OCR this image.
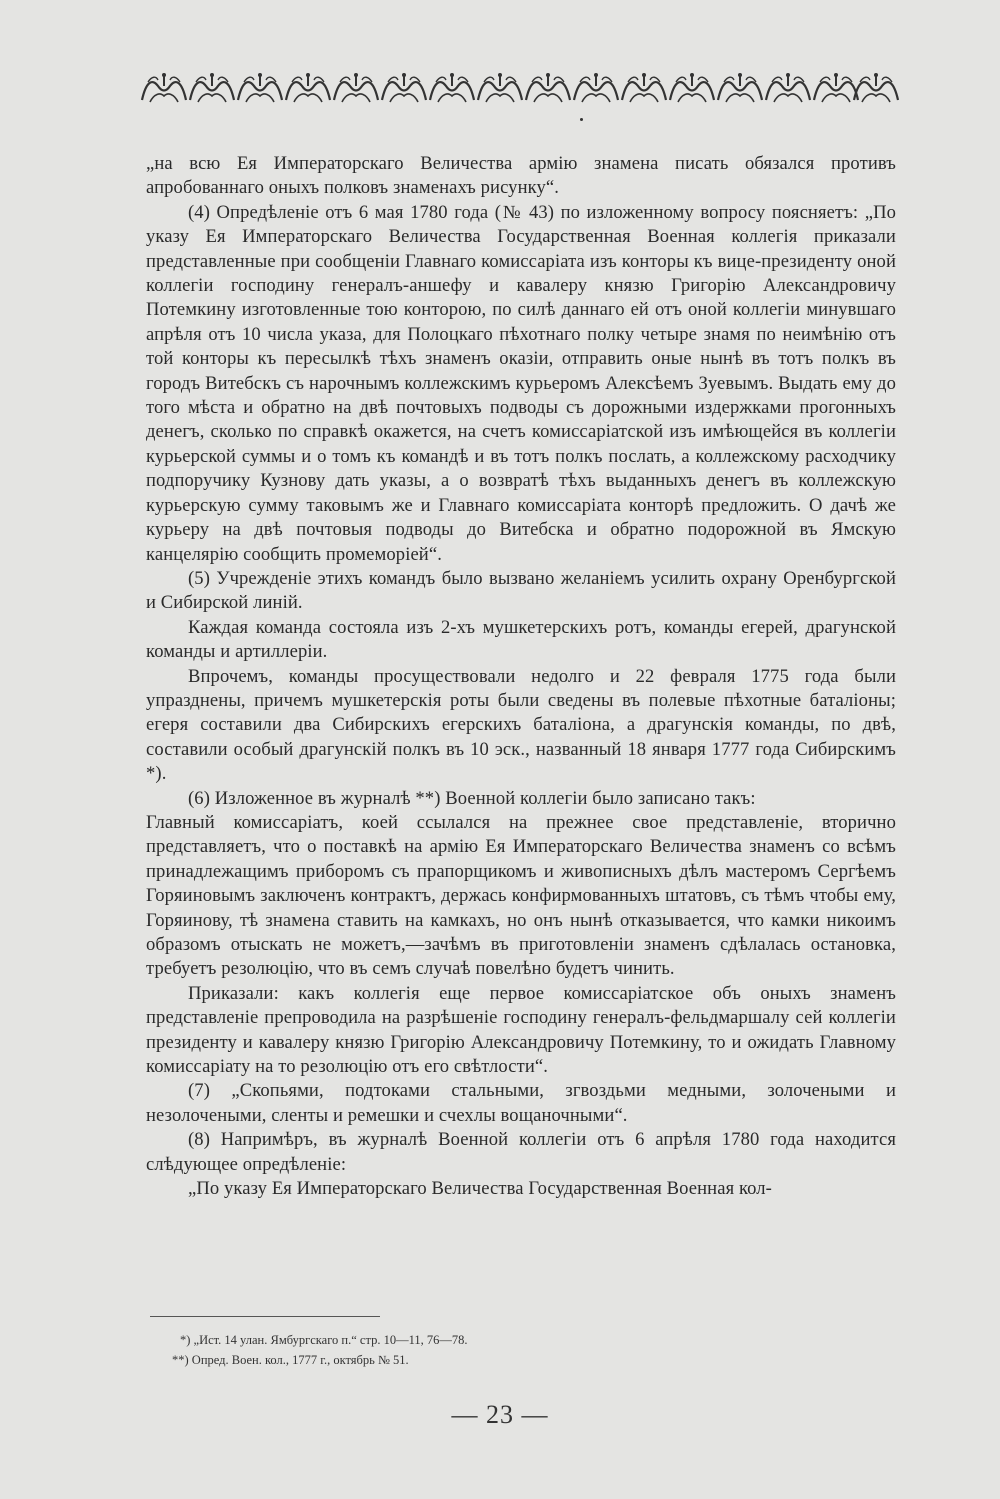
„на всю Ея Императорскаго Величества армію знамена писать обязался противъ апробованнаго оныхъ полковъ знаменахъ рисунку“.

(4) Опредѣленіе отъ 6 мая 1780 года (№ 43) по изложенному вопросу поясняетъ: „По указу Ея Императорскаго Величества Государственная Военная коллегія приказали представленные при сообщеніи Главнаго комиссаріата изъ конторы къ вице-президенту оной коллегіи господину генералъ-аншефу и кавалеру князю Григорію Александровичу Потемкину изготовленные тою конторою, по силѣ даннаго ей отъ оной коллегіи минувшаго апрѣля отъ 10 числа указа, для Полоцкаго пѣхотнаго полку четыре знамя по неимѣнію отъ той конторы къ пересылкѣ тѣхъ знаменъ оказіи, отправить оные нынѣ въ тотъ полкъ въ городъ Витебскъ съ нарочнымъ коллежскимъ курьеромъ Алексѣемъ Зуевымъ. Выдать ему до того мѣста и обратно на двѣ почтовыхъ подводы съ дорожными издержками прогонныхъ денегъ, сколько по справкѣ окажется, на счетъ комиссаріатской изъ имѣющейся въ коллегіи курьерской суммы и о томъ къ командѣ и въ тотъ полкъ послать, а коллежскому расходчику подпоручику Кузнову дать указы, а о возвратѣ тѣхъ выданныхъ денегъ въ коллежскую курьерскую сумму таковымъ же и Главнаго комиссаріата конторѣ предложить. О дачѣ же курьеру на двѣ почтовыя подводы до Витебска и обратно подорожной въ Ямскую канцелярію сообщить промеморіей“.

(5) Учрежденіе этихъ командъ было вызвано желаніемъ усилить охрану Оренбургской и Сибирской линій.

Каждая команда состояла изъ 2-хъ мушкетерскихъ ротъ, команды егерей, драгунской команды и артиллеріи.

Впрочемъ, команды просуществовали недолго и 22 февраля 1775 года были упразднены, причемъ мушкетерскія роты были сведены въ полевые пѣхотные баталіоны; егеря составили два Сибирскихъ егерскихъ баталіона, а драгунскія команды, по двѣ, составили особый драгунскій полкъ въ 10 эск., названный 18 января 1777 года Сибирскимъ *).

(6) Изложенное въ журналѣ **) Военной коллегіи было записано такъ:

Главный комиссаріатъ, коей ссылался на прежнее свое представленіе, вторично представляетъ, что о поставкѣ на армію Ея Императорскаго Величества знаменъ со всѣмъ принадлежащимъ приборомъ съ прапорщикомъ и живописныхъ дѣлъ мастеромъ Сергѣемъ Горяиновымъ заключенъ контрактъ, держась конфирмованныхъ штатовъ, съ тѣмъ чтобы ему, Горяинову, тѣ знамена ставить на камкахъ, но онъ нынѣ отказывается, что камки никоимъ образомъ отыскать не можетъ,—зачѣмъ въ приготовленіи знаменъ сдѣлалась остановка, требуетъ резолюцію, что въ семъ случаѣ повелѣно будетъ чинить.

Приказали: какъ коллегія еще первое комиссаріатское объ оныхъ знаменъ представленіе препроводила на разрѣшеніе господину генералъ-фельдмаршалу сей коллегіи президенту и кавалеру князю Григорію Александровичу Потемкину, то и ожидать Главному комиссаріату на то резолюцію отъ его свѣтлости“.

(7) „Скопьями, подтоками стальными, згвоздьми медными, золочеными и незолочеными, сленты и ремешки и счехлы вощаночными“.

(8) Напримѣръ, въ журналѣ Военной коллегіи отъ 6 апрѣля 1780 года находится слѣдующее опредѣленіе:

„По указу Ея Императорскаго Величества Государственная Военная кол-

*) „Ист. 14 улан. Ямбургскаго п.“ стр. 10—11, 76—78.

**) Опред. Воен. кол., 1777 г., октябрь № 51.

— 23 —
